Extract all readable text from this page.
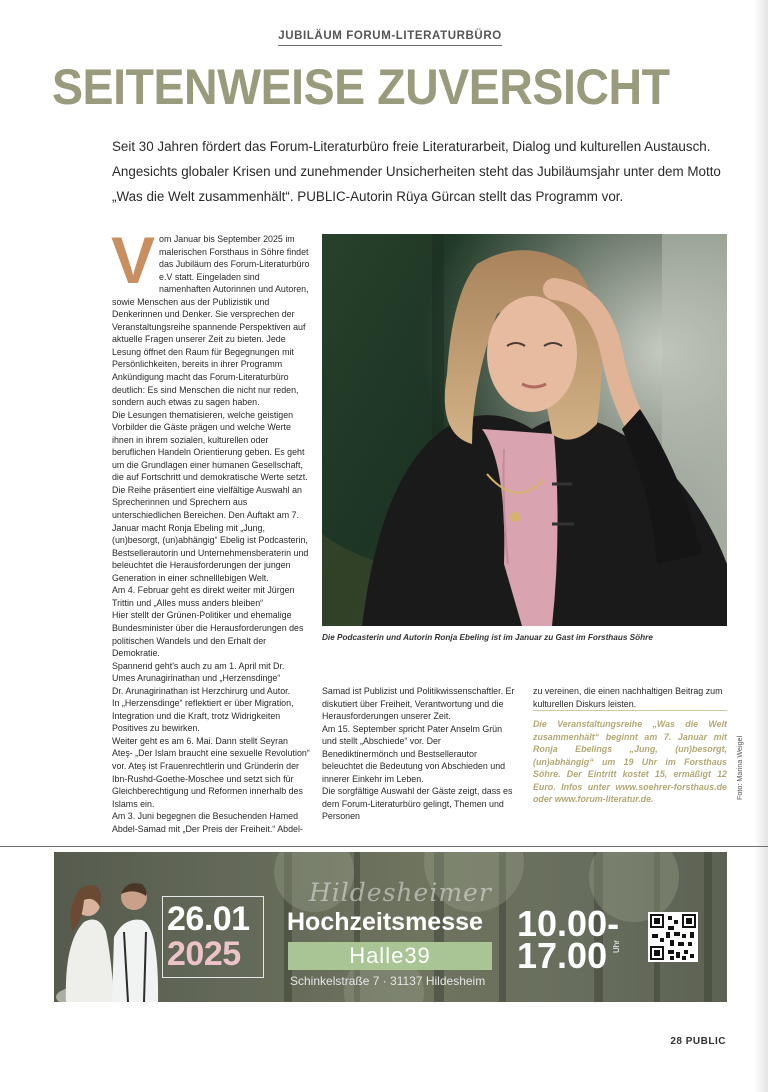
JUBILÄUM FORUM-LITERATURBÜRO
SEITENWEISE ZUVERSICHT

Seit 30 Jahren fördert das Forum-Literaturbüro freie Literaturarbeit, Dialog und kulturellen Austausch. Angesichts globaler Krisen und zunehmender Unsicherheiten steht das Jubiläumsjahr unter dem Motto „Was die Welt zusammenhält“. PUBLIC-Autorin Rüya Gürcan stellt das Programm vor.

V om Januar bis September 2025 im malerischen Forsthaus in Söhre findet das Jubiläum des Forum-Literaturbüro e.V statt. Eingeladen sind namenhaften Autorinnen und Autoren, sowie Menschen aus der Publizistik und Denkerinnen und Denker. Sie versprechen der Veranstaltungsreihe spannende Perspektiven auf aktuelle Fragen unserer Zeit zu bieten. Jede Lesung öffnet den Raum für Begegnungen mit Persönlichkeiten, bereits in ihrer Programm Ankündigung macht das Forum-Literaturbüro deutlich: Es sind Menschen die nicht nur reden, sondern auch etwas zu sagen haben.

Die Lesungen thematisieren, welche geistigen Vorbilder die Gäste prägen und welche Werte ihnen in ihrem sozialen, kulturellen oder beruflichen Handeln Orientierung geben. Es geht um die Grundlagen einer humanen Gesellschaft, die auf Fortschritt und demokratische Werte setzt. Die Reihe präsentiert eine vielfältige Auswahl an Sprecherinnen und Sprechern aus unterschiedlichen Bereichen. Den Auftakt am 7. Januar macht Ronja Ebeling mit „Jung, (un)besorgt, (un)abhängig“ Ebelig ist Podcasterin, Bestsellerautorin und Unternehmensberaterin und beleuchtet die Herausforderungen der jungen Generation in einer schnelllebigen Welt.

Am 4. Februar geht es direkt weiter mit Jürgen Trittin und „Alles muss anders bleiben“

Hier stellt der Grünen-Politiker und ehemalige Bundesminister über die Herausforderungen des politischen Wandels und den Erhalt der Demokratie.

Spannend geht's auch zu am 1. April mit Dr. Umes Arunagirinathan und „Herzensdinge“

Dr. Arunagirinathan ist Herzchirurg und Autor.

In „Herzensdinge“ reflektiert er über Migration, Integration und die Kraft, trotz Widrigkeiten Positives zu bewirken.

Weiter geht es am 6. Mai. Dann stellt Seyran Ateş- „Der Islam braucht eine sexuelle Revolution“ vor. Ateş ist Frauenrechtlerin und Gründerin der Ibn-Rushd-Goethe-Moschee und setzt sich für Gleichberechtigung und Reformen innerhalb des Islams ein.

Am 3. Juni begegnen die Besuchenden Hamed Abdel-Samad mit „Der Preis der Freiheit.“ Abdel-

Die Podcasterin und Autorin Ronja Ebeling ist im Januar zu Gast im Forsthaus Söhre

Samad ist Publizist und Politikwissenschaftler. Er diskutiert über Freiheit, Verantwortung und die Herausforderungen unserer Zeit.

Am 15. September spricht Pater Anselm Grün und stellt „Abschiede“ vor. Der Benediktinermönch und Bestsellerautor beleuchtet die Bedeutung von Abschieden und innerer Einkehr im Leben.

Die sorgfältige Auswahl der Gäste zeigt, dass es dem Forum-Literaturbüro gelingt, Themen und Personen

zu vereinen, die einen nachhaltigen Beitrag zum kulturellen Diskurs leisten.

Die Veranstaltungsreihe „Was die Welt zusammenhält“ beginnt am 7. Januar mit Ronja Ebelings „Jung, (un)besorgt, (un)abhängig“ um 19 Uhr im Forsthaus Söhre. Der Eintritt kostet 15, ermäßigt 12 Euro. Infos unter www.soehrer-forsthaus.de oder www.forum-literatur.de.	Foto: Marina Weigel
26.01
2025
Hildesheimer
Hochzeitsmesse
Halle39
Schinkelstraße 7 · 31137 Hildesheim
10.00-
17.00 Uhr
28 PUBLIC
